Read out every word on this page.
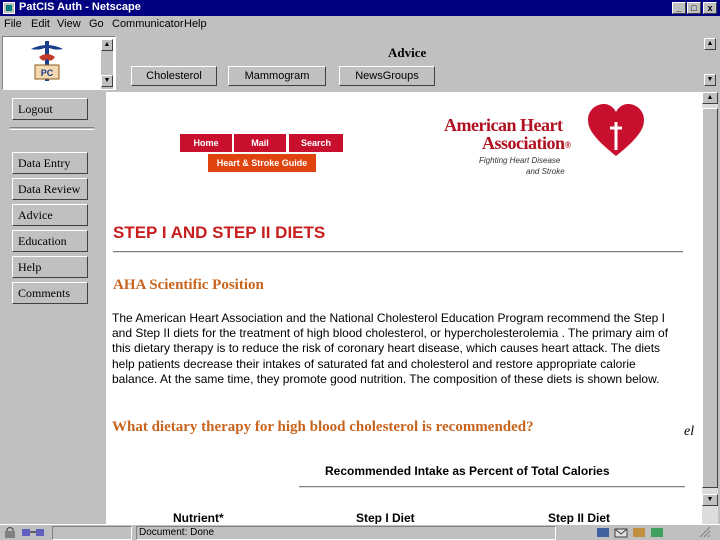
PatCIS Auth - Netscape	_	□	x
File Edit View Go Communicator Help
PC
▲
▼
Advice
Cholesterol	Mammogram	NewsGroups
▲
▼
Logout
Data Entry
Data Review
Advice
Education
Help
Comments
Home	Mail	Search
Heart & Stroke Guide
American Heart
Association®
Fighting Heart Disease
and Stroke
STEP I AND STEP II DIETS
AHA Scientific Position
The American Heart Association and the National Cholesterol Education Program recommend the Step I and Step II diets for the treatment of high blood cholesterol, or hypercholesterolemia . The primary aim of this dietary therapy is to reduce the risk of coronary heart disease, which causes heart attack. The diets help patients decrease their intakes of saturated fat and cholesterol and restore appropriate calorie balance. At the same time, they promote good nutrition. The composition of these diets is shown below.
What dietary therapy for high blood cholesterol is recommended?
Recommended Intake as Percent of Total Calories
Nutrient*	Step I Diet	Step II Diet
el
▲
▼
Document: Done
